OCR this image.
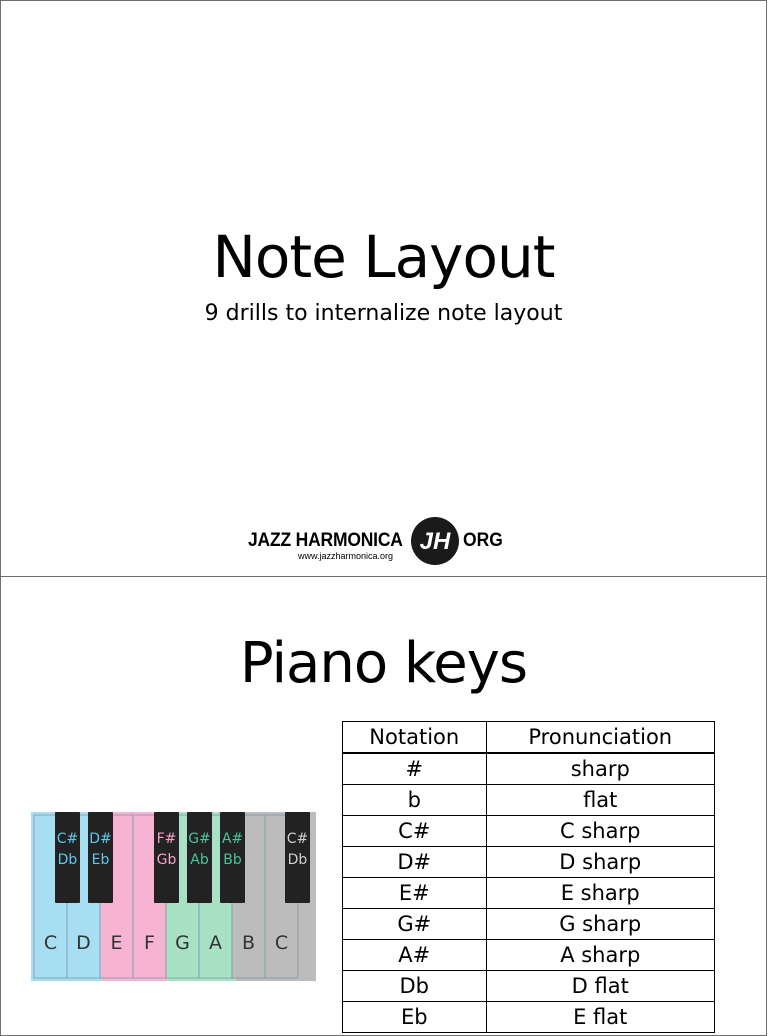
Note Layout
9 drills to internalize note layout
JAZZ HARMONICA JH ORG
www.jazzharmonica.org
Piano keys
C D E F G A B C
C#
Db
D#
Eb
F#
Gb
G#
Ab
A#
Bb
C#
Db
Notation	Pronunciation
#	sharp
b	flat
C#	C sharp
D#	D sharp
E#	E sharp
G#	G sharp
A#	A sharp
Db	D flat
Eb	E flat
